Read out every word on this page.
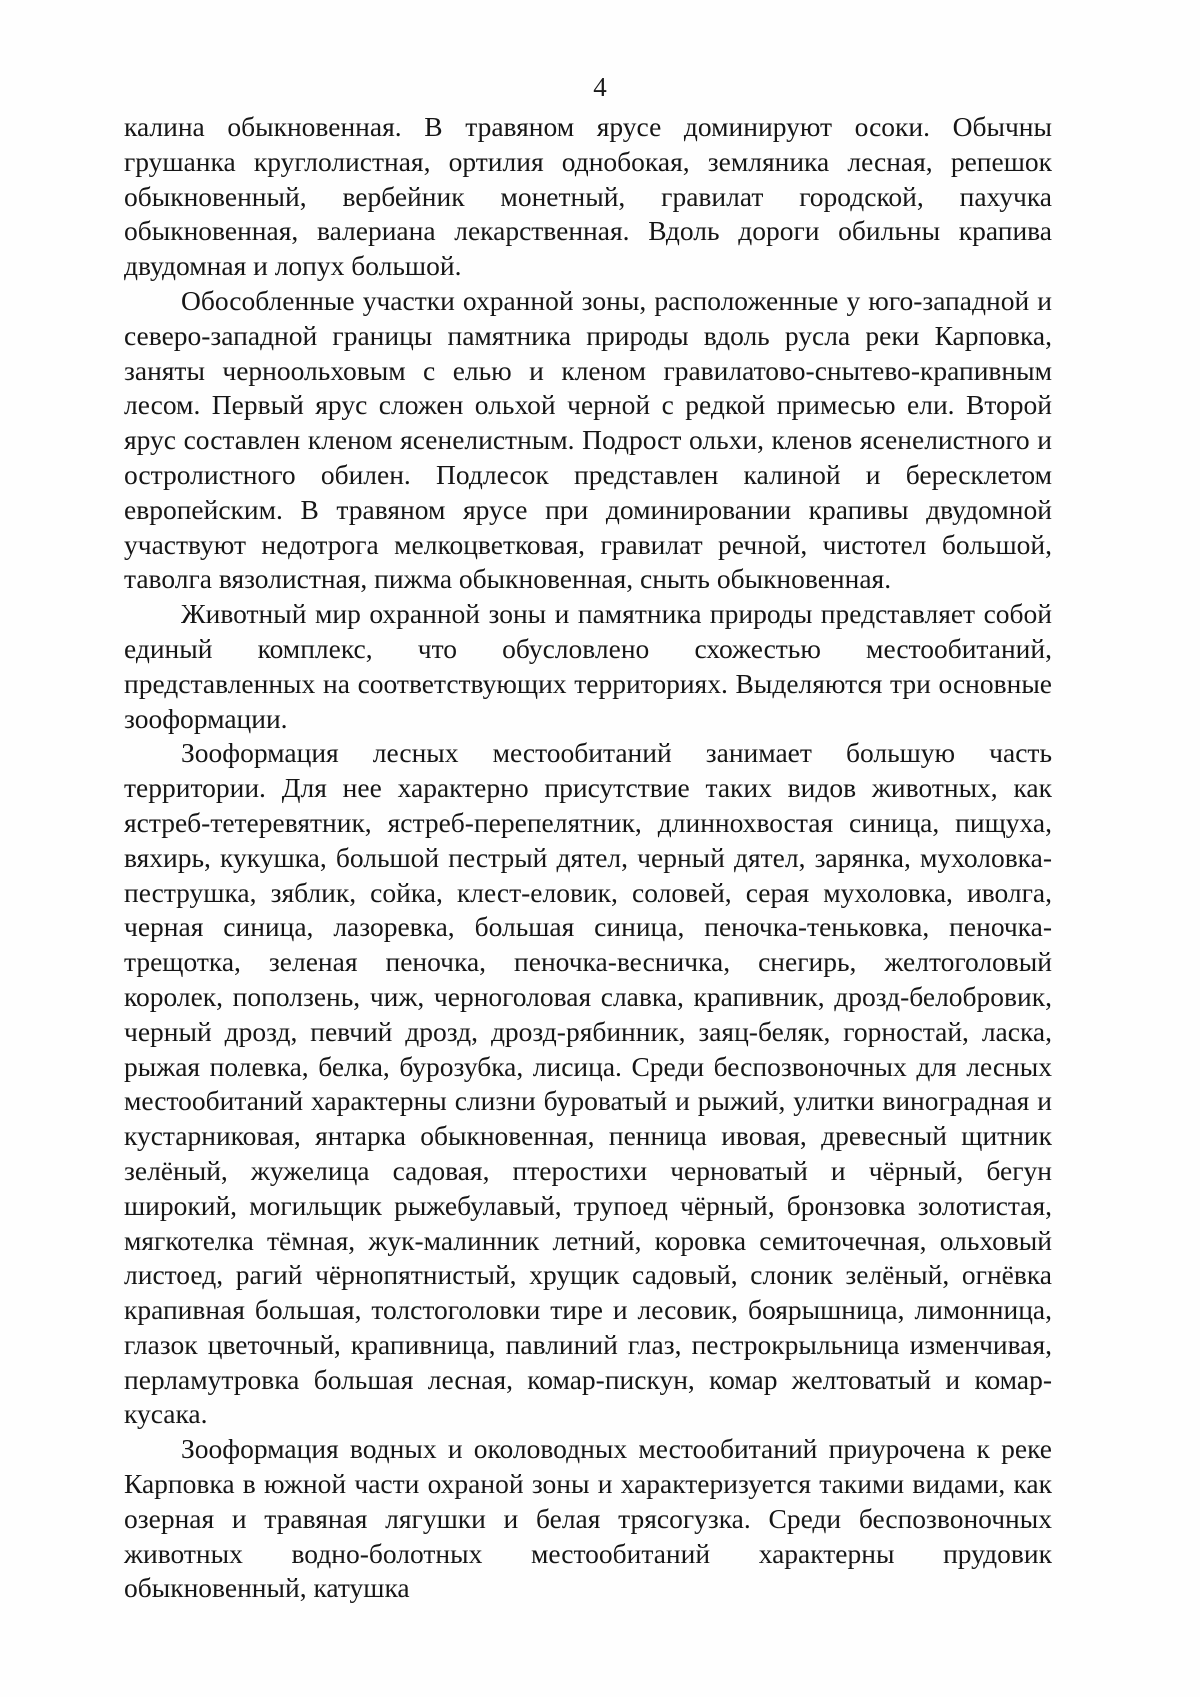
4

калина обыкновенная. В травяном ярусе доминируют осоки. Обычны грушанка круглолистная, ортилия однобокая, земляника лесная, репешок обыкновенный, вербейник монетный, гравилат городской, пахучка обыкновенная, валериана лекарственная. Вдоль дороги обильны крапива двудомная и лопух большой.

Обособленные участки охранной зоны, расположенные у юго-западной и северо-западной границы памятника природы вдоль русла реки Карповка, заняты черноольховым с елью и кленом гравилатово-снытево-крапивным лесом. Первый ярус сложен ольхой черной с редкой примесью ели. Второй ярус составлен кленом ясенелистным. Подрост ольхи, кленов ясенелистного и остролистного обилен. Подлесок представлен калиной и бересклетом европейским. В травяном ярусе при доминировании крапивы двудомной участвуют недотрога мелкоцветковая, гравилат речной, чистотел большой, таволга вязолистная, пижма обыкновенная, сныть обыкновенная.

Животный мир охранной зоны и памятника природы представляет собой единый комплекс, что обусловлено схожестью местообитаний, представленных на соответствующих территориях. Выделяются три основные зооформации.

Зооформация лесных местообитаний занимает большую часть территории. Для нее характерно присутствие таких видов животных, как ястреб-тетеревятник, ястреб-перепелятник, длиннохвостая синица, пищуха, вяхирь, кукушка, большой пестрый дятел, черный дятел, зарянка, мухоловка-пеструшка, зяблик, сойка, клест-еловик, соловей, серая мухоловка, иволга, черная синица, лазоревка, большая синица, пеночка-теньковка, пеночка-трещотка, зеленая пеночка, пеночка-весничка, снегирь, желтоголовый королек, поползень, чиж, черноголовая славка, крапивник, дрозд-белобровик, черный дрозд, певчий дрозд, дрозд-рябинник, заяц-беляк, горностай, ласка, рыжая полевка, белка, бурозубка, лисица. Среди беспозвоночных для лесных местообитаний характерны слизни буроватый и рыжий, улитки виноградная и кустарниковая, янтарка обыкновенная, пенница ивовая, древесный щитник зелёный, жужелица садовая, птеростихи черноватый и чёрный, бегун широкий, могильщик рыжебулавый, трупоед чёрный, бронзовка золотистая, мягкотелка тёмная, жук-малинник летний, коровка семиточечная, ольховый листоед, рагий чёрнопятнистый, хрущик садовый, слоник зелёный, огнёвка крапивная большая, толстоголовки тире и лесовик, боярышница, лимонница, глазок цветочный, крапивница, павлиний глаз, пестрокрыльница изменчивая, перламутровка большая лесная, комар-пискун, комар желтоватый и комар-кусака.

Зооформация водных и околоводных местообитаний приурочена к реке Карповка в южной части охраной зоны и характеризуется такими видами, как озерная и травяная лягушки и белая трясогузка. Среди беспозвоночных животных водно-болотных местообитаний характерны прудовик обыкновенный, катушка
